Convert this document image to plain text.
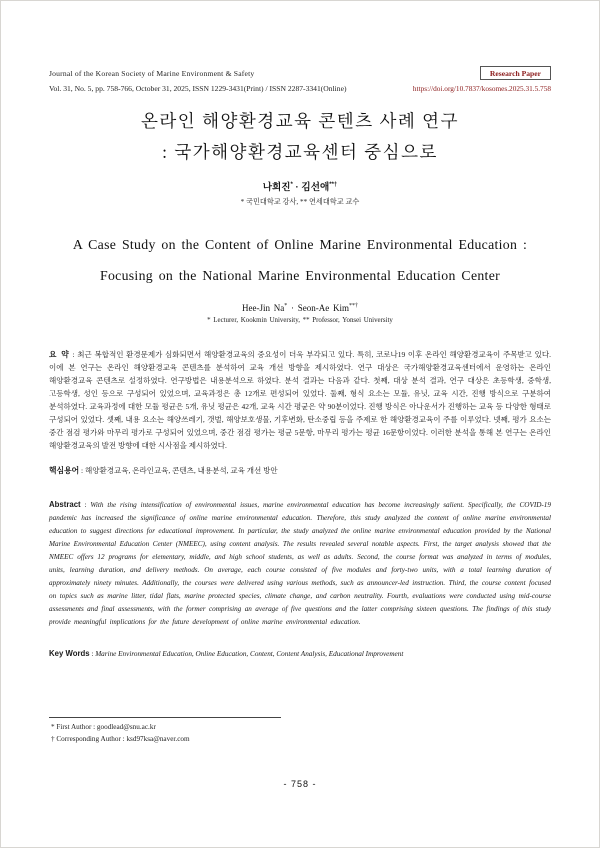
Journal of the Korean Society of Marine Environment & Safety	Research Paper
Vol. 31, No. 5, pp. 758-766, October 31, 2025, ISSN 1229-3431(Print) / ISSN 2287-3341(Online)	https://doi.org/10.7837/kosomes.2025.31.5.758
온라인 해양환경교육 콘텐츠 사례 연구
: 국가해양환경교육센터 중심으로
나희진* · 김선애**†
* 국민대학교 강사, ** 연세대학교 교수
A Case Study on the Content of Online Marine Environmental Education :
Focusing on the National Marine Environmental Education Center
Hee-Jin Na* · Seon-Ae Kim**†
* Lecturer, Kookmin University, ** Professor, Yonsei University

요 약 : 최근 복합적인 환경문제가 심화되면서 해양환경교육의 중요성이 더욱 부각되고 있다. 특히, 코로나19 이후 온라인 해양환경교육이 주목받고 있다. 이에 본 연구는 온라인 해양환경교육 콘텐츠를 분석하여 교육 개선 방향을 제시하였다. 연구 대상은 국가해양환경교육센터에서 운영하는 온라인 해양환경교육 콘텐츠로 설정하였다. 연구방법은 내용분석으로 하였다. 분석 결과는 다음과 같다. 첫째, 대상 분석 결과, 연구 대상은 초등학생, 중학생, 고등학생, 성인 등으로 구성되어 있었으며, 교육과정은 총 12개로 편성되어 있었다. 둘째, 형식 요소는 모듈, 유닛, 교육 시간, 진행 방식으로 구분하여 분석하였다. 교육과정에 대한 모듈 평균은 5개, 유닛 평균은 42개, 교육 시간 평균은 약 90분이었다. 진행 방식은 아나운서가 진행하는 교육 등 다양한 형태로 구성되어 있었다. 셋째, 내용 요소는 해양쓰레기, 갯벌, 해양보호생물, 기후변화, 탄소중립 등을 주제로 한 해양환경교육이 주를 이루었다. 넷째, 평가 요소는 중간 점검 평가와 마무리 평가로 구성되어 있었으며, 중간 점검 평가는 평균 5문항, 마무리 평가는 평균 16문항이었다. 이러한 분석을 통해 본 연구는 온라인 해양환경교육의 발전 방향에 대한 시사점을 제시하였다.

핵심용어 : 해양환경교육, 온라인교육, 콘텐츠, 내용분석, 교육 개선 방안

Abstract : With the rising intensification of environmental issues, marine environmental education has become increasingly salient. Specifically, the COVID-19 pandemic has increased the significance of online marine environmental education. Therefore, this study analyzed the content of online marine environmental education to suggest directions for educational improvement. In particular, the study analyzed the online marine environmental education provided by the National Marine Environmental Education Center (NMEEC), using content analysis. The results revealed several notable aspects. First, the target analysis showed that the NMEEC offers 12 programs for elementary, middle, and high school students, as well as adults. Second, the course format was analyzed in terms of modules, units, learning duration, and delivery methods. On average, each course consisted of five modules and forty-two units, with a total learning duration of approximately ninety minutes. Additionally, the courses were delivered using various methods, such as announcer-led instruction. Third, the course content focused on topics such as marine litter, tidal flats, marine protected species, climate change, and carbon neutrality. Fourth, evaluations were conducted using mid-course assessments and final assessments, with the former comprising an average of five questions and the latter comprising sixteen questions. The findings of this study provide meaningful implications for the future development of online marine environmental education.

Key Words : Marine Environmental Education, Online Education, Content, Content Analysis, Educational Improvement

* First Author : goodlead@snu.ac.kr
† Corresponding Author : ksd97ksa@naver.com
- 758 -
